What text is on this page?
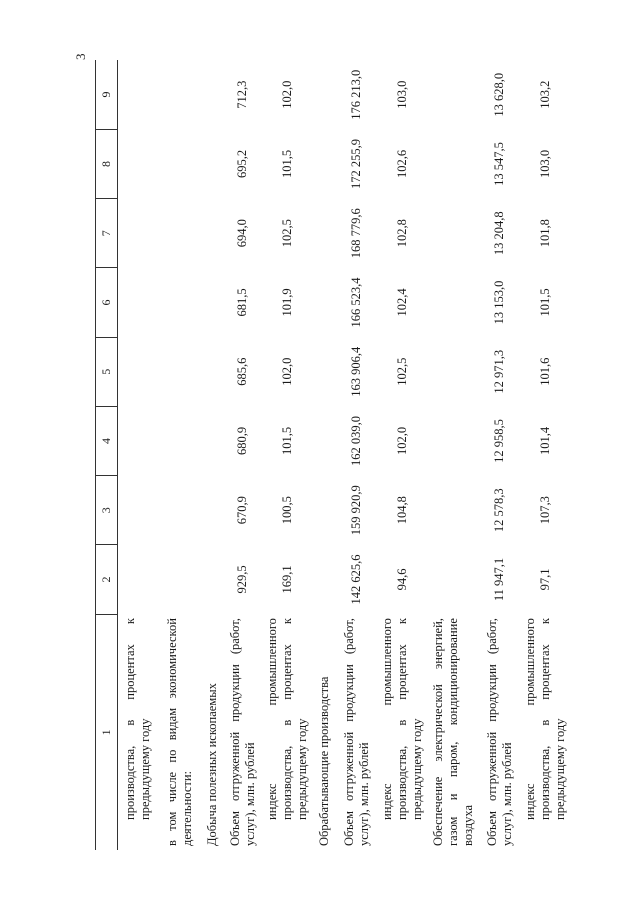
3
1	2	3	4	5	6	7	8	9
производства, в процентах к предыдущему году								
в том числе по видам экономической деятельности:								
Добыча полезных ископаемых								
Объем отгруженной продукции (работ, услуг), млн. рублей	929,5	670,9	680,9	685,6	681,5	694,0	695,2	712,3
индекс промышленного производства, в процентах к предыдущему году	169,1	100,5	101,5	102,0	101,9	102,5	101,5	102,0
Обрабатывающие производства								
Объем отгруженной продукции (работ, услуг), млн. рублей	142 625,6	159 920,9	162 039,0	163 906,4	166 523,4	168 779,6	172 255,9	176 213,0
индекс промышленного производства, в процентах к предыдущему году	94,6	104,8	102,0	102,5	102,4	102,8	102,6	103,0
Обеспечение электрической энергией, газом и паром, кондиционирование воздуха								
Объем отгруженной продукции (работ, услуг), млн. рублей	11 947,1	12 578,3	12 958,5	12 971,3	13 153,0	13 204,8	13 547,5	13 628,0
индекс промышленного производства, в процентах к предыдущему году	97,1	107,3	101,4	101,6	101,5	101,8	103,0	103,2
